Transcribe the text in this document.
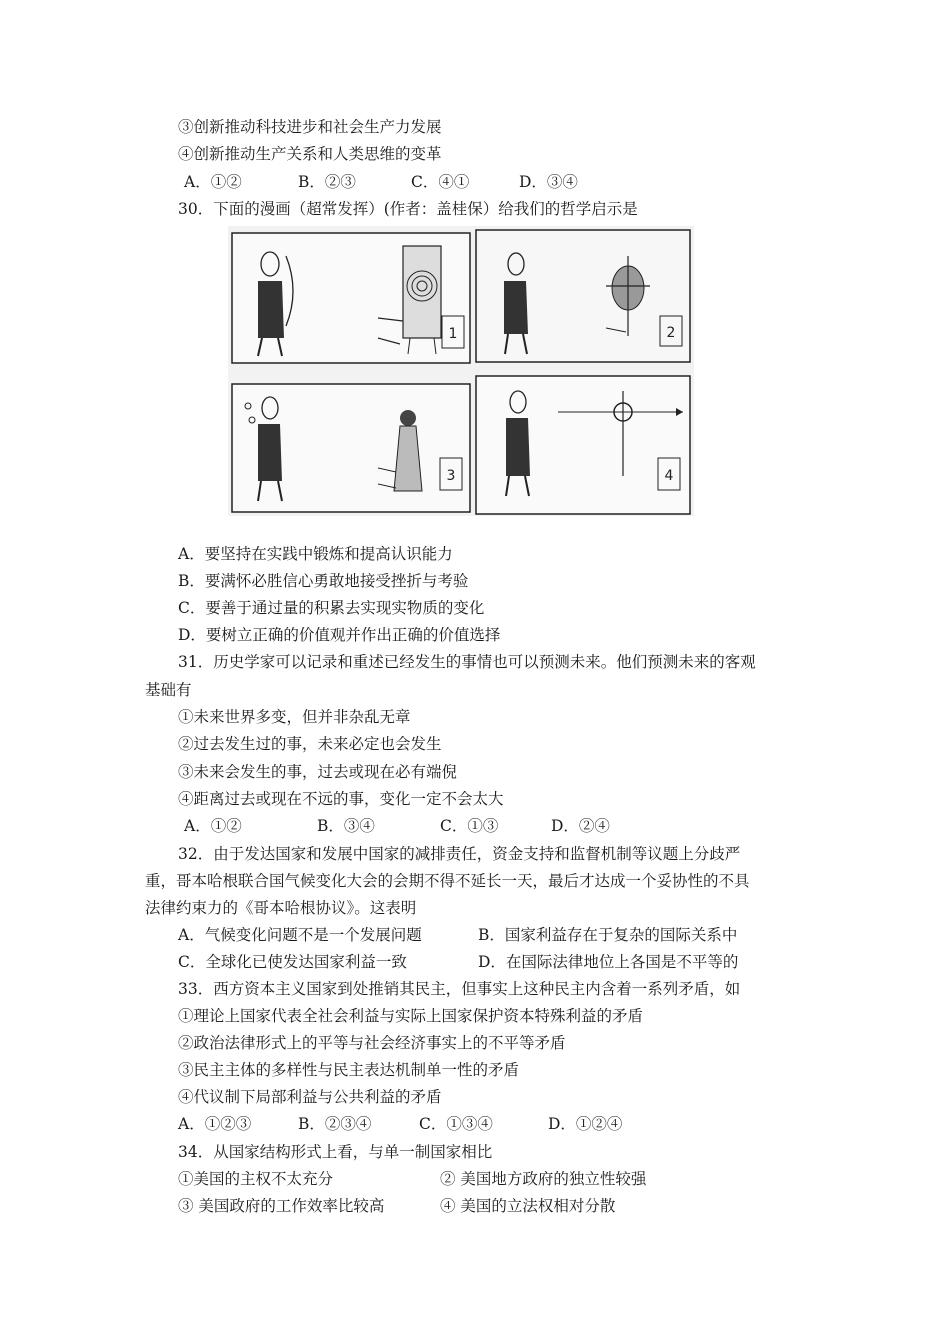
③创新推动科技进步和社会生产力发展
④创新推动生产关系和人类思维的变革
A．①②	B．②③	C．④①	D．③④
30．下面的漫画（超常发挥）(作者：盖桂保）给我们的哲学启示是
1	2
3	4
A．要坚持在实践中锻炼和提高认识能力
B．要满怀必胜信心勇敢地接受挫折与考验
C．要善于通过量的积累去实现实物质的变化
D．要树立正确的价值观并作出正确的价值选择
31．历史学家可以记录和重述已经发生的事情也可以预测未来。他们预测未来的客观
基础有
①未来世界多变，但并非杂乱无章
②过去发生过的事，未来必定也会发生
③未来会发生的事，过去或现在必有端倪
④距离过去或现在不远的事，变化一定不会太大
A．①②	B．③④	C．①③	D．②④
32．由于发达国家和发展中国家的减排责任，资金支持和监督机制等议题上分歧严
重，哥本哈根联合国气候变化大会的会期不得不延长一天，最后才达成一个妥协性的不具
法律约束力的《哥本哈根协议》。这表明
A．气候变化问题不是一个发展问题	B．国家利益存在于复杂的国际关系中
C．全球化已使发达国家利益一致	D．在国际法律地位上各国是不平等的
33．西方资本主义国家到处推销其民主，但事实上这种民主内含着一系列矛盾，如
①理论上国家代表全社会利益与实际上国家保护资本特殊利益的矛盾
②政治法律形式上的平等与社会经济事实上的不平等矛盾
③民主主体的多样性与民主表达机制单一性的矛盾
④代议制下局部利益与公共利益的矛盾
A．①②③	B．②③④	C．①③④	D．①②④
34．从国家结构形式上看，与单一制国家相比
①美国的主权不太充分	② 美国地方政府的独立性较强
③ 美国政府的工作效率比较高	④ 美国的立法权相对分散
